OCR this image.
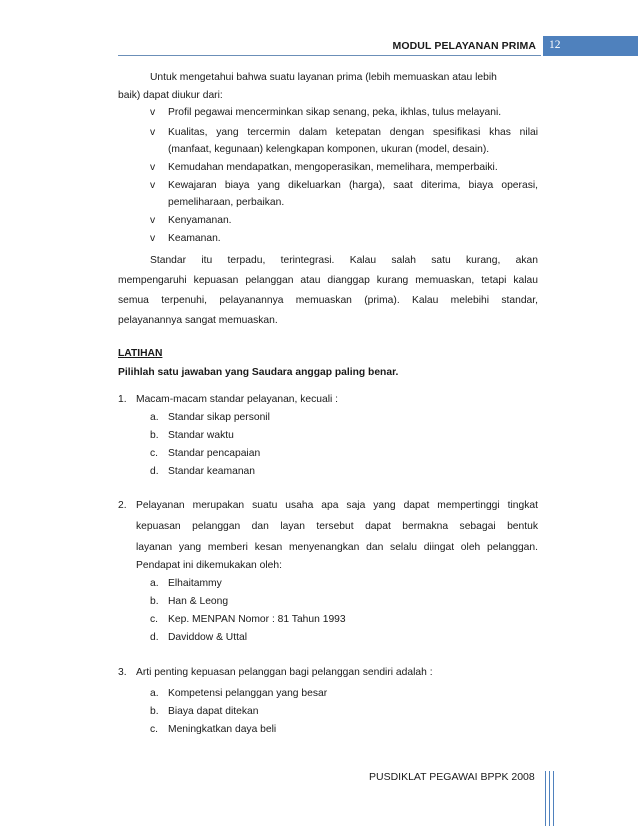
MODUL PELAYANAN PRIMA 12
Untuk mengetahui bahwa suatu layanan prima (lebih memuaskan atau lebih
baik) dapat diukur dari:
v Profil pegawai mencerminkan sikap senang, peka, ikhlas, tulus melayani.
v Kualitas, yang tercermin dalam ketepatan dengan spesifikasi khas nilai
(manfaat, kegunaan) kelengkapan komponen, ukuran (model, desain).
v Kemudahan mendapatkan, mengoperasikan, memelihara, memperbaiki.
v Kewajaran biaya yang dikeluarkan (harga), saat diterima, biaya operasi,
pemeliharaan, perbaikan.
v Kenyamanan.
v Keamanan.
Standar itu terpadu, terintegrasi. Kalau salah satu kurang, akan
mempengaruhi kepuasan pelanggan atau dianggap kurang memuaskan, tetapi kalau
semua terpenuhi, pelayanannya memuaskan (prima). Kalau melebihi standar,
pelayanannya sangat memuaskan.
LATIHAN
Pilihlah satu jawaban yang Saudara anggap paling benar.
1. Macam-macam standar pelayanan, kecuali :
a. Standar sikap personil
b. Standar waktu
c. Standar pencapaian
d. Standar keamanan
2. Pelayanan merupakan suatu usaha apa saja yang dapat mempertinggi tingkat
kepuasan pelanggan dan layan tersebut dapat bermakna sebagai bentuk
layanan yang memberi kesan menyenangkan dan selalu diingat oleh pelanggan.
Pendapat ini dikemukakan oleh:
a. Elhaitammy
b. Han & Leong
c. Kep. MENPAN Nomor : 81 Tahun 1993
d. Daviddow & Uttal
3. Arti penting kepuasan pelanggan bagi pelanggan sendiri adalah :
a. Kompetensi pelanggan yang besar
b. Biaya dapat ditekan
c. Meningkatkan daya beli
PUSDIKLAT PEGAWAI BPPK 2008
